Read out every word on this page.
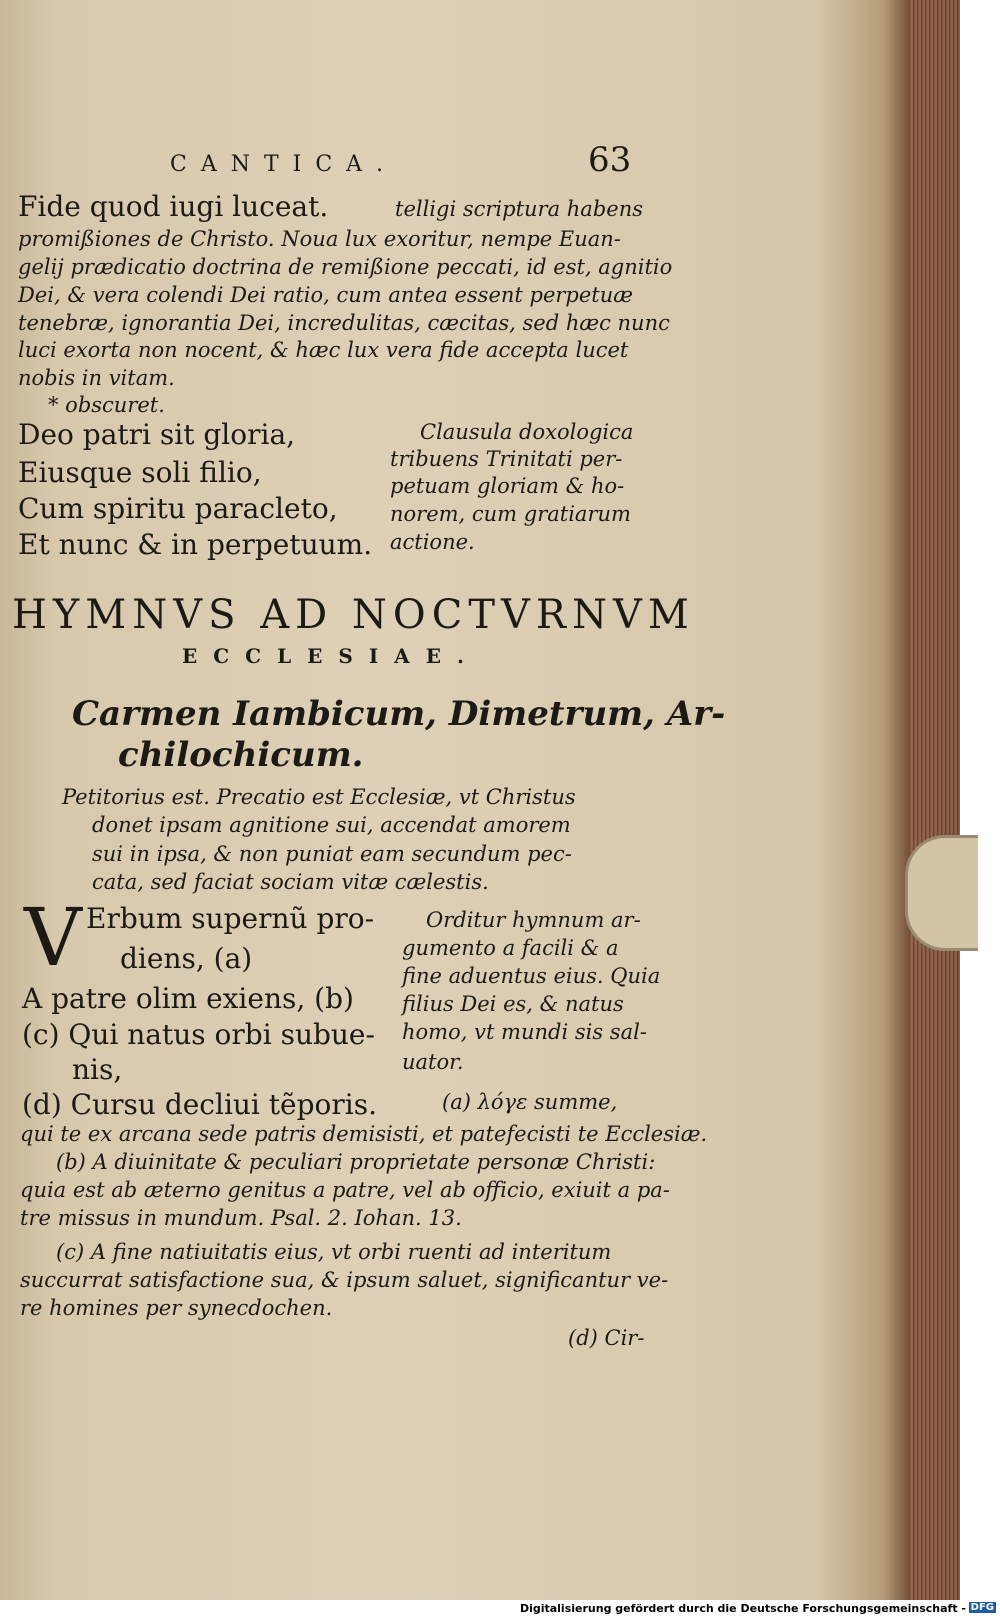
CANTICA.	63
Fide quod iugi luceat.	telligi scriptura habens
promißiones de Christo. Noua lux exoritur, nempe Euan-
gelij prædicatio doctrina de remißione peccati, id est, agnitio
Dei, & vera colendi Dei ratio, cum antea essent perpetuæ
tenebræ, ignorantia Dei, incredulitas, cæcitas, sed hæc nunc
luci exorta non nocent, & hæc lux vera fide accepta lucet
nobis in vitam.
* obscuret.
Deo patri sit gloria,
Eiusque soli filio,
Cum spiritu paracleto,
Et nunc & in perpetuum.
Clausula doxologica
tribuens Trinitati per-
petuam gloriam & ho-
norem, cum gratiarum
actione.
HYMNVS AD NOCTVRNVM
ECCLESIAE.
Carmen Iambicum, Dimetrum, Ar-
chilochicum.
Petitorius est. Precatio est Ecclesiæ, vt Christus
donet ipsam agnitione sui, accendat amorem
sui in ipsa, & non puniat eam secundum pec-
cata, sed faciat sociam vitæ cælestis.
V Erbum supernũ pro-
diens, (a)
A patre olim exiens, (b)
(c) Qui natus orbi subue-
nis,
(d) Cursu decliui tẽporis.
Orditur hymnum ar-
gumento a facili & a
fine aduentus eius. Quia
filius Dei es, & natus
homo, vt mundi sis sal-
uator.
(a) λόγε summe,
qui te ex arcana sede patris demisisti, et patefecisti te Ecclesiæ.
(b) A diuinitate & peculiari proprietate personæ Christi:
quia est ab æterno genitus a patre, vel ab officio, exiuit a pa-
tre missus in mundum. Psal. 2. Iohan. 13.
(c) A fine natiuitatis eius, vt orbi ruenti ad interitum
succurrat satisfactione sua, & ipsum saluet, significantur ve-
re homines per synecdochen.
(d) Cir-
Digitalisierung gefördert durch die Deutsche Forschungsgemeinschaft - DFG
